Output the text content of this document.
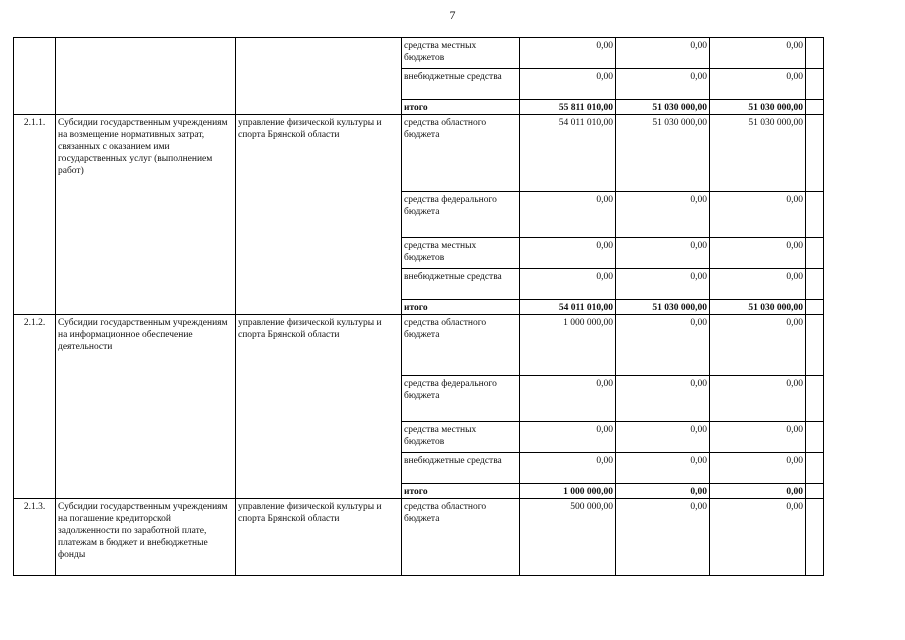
7
			средства местных бюджетов	0,00	0,00	0,00	
			внебюджетные средства	0,00	0,00	0,00	
			итого	55 811 010,00	51 030 000,00	51 030 000,00	
2.1.1.	Субсидии государственным учреждениям на возмещение нормативных затрат, связанных с оказанием ими государственных услуг (выполнением работ)	управление физической культуры и спорта Брянской области	средства областного бюджета	54 011 010,00	51 030 000,00	51 030 000,00	
			средства федерального бюджета	0,00	0,00	0,00	
			средства местных бюджетов	0,00	0,00	0,00	
			внебюджетные средства	0,00	0,00	0,00	
			итого	54 011 010,00	51 030 000,00	51 030 000,00	
2.1.2.	Субсидии государственным учреждениям на информационное обеспечение деятельности	управление физической культуры и спорта Брянской области	средства областного бюджета	1 000 000,00	0,00	0,00	
			средства федерального бюджета	0,00	0,00	0,00	
			средства местных бюджетов	0,00	0,00	0,00	
			внебюджетные средства	0,00	0,00	0,00	
			итого	1 000 000,00	0,00	0,00	
2.1.3.	Субсидии государственным учреждениям на погашение кредиторской задолженности по заработной плате, платежам в бюджет и внебюджетные фонды	управление физической культуры и спорта Брянской области	средства областного бюджета	500 000,00	0,00	0,00	
